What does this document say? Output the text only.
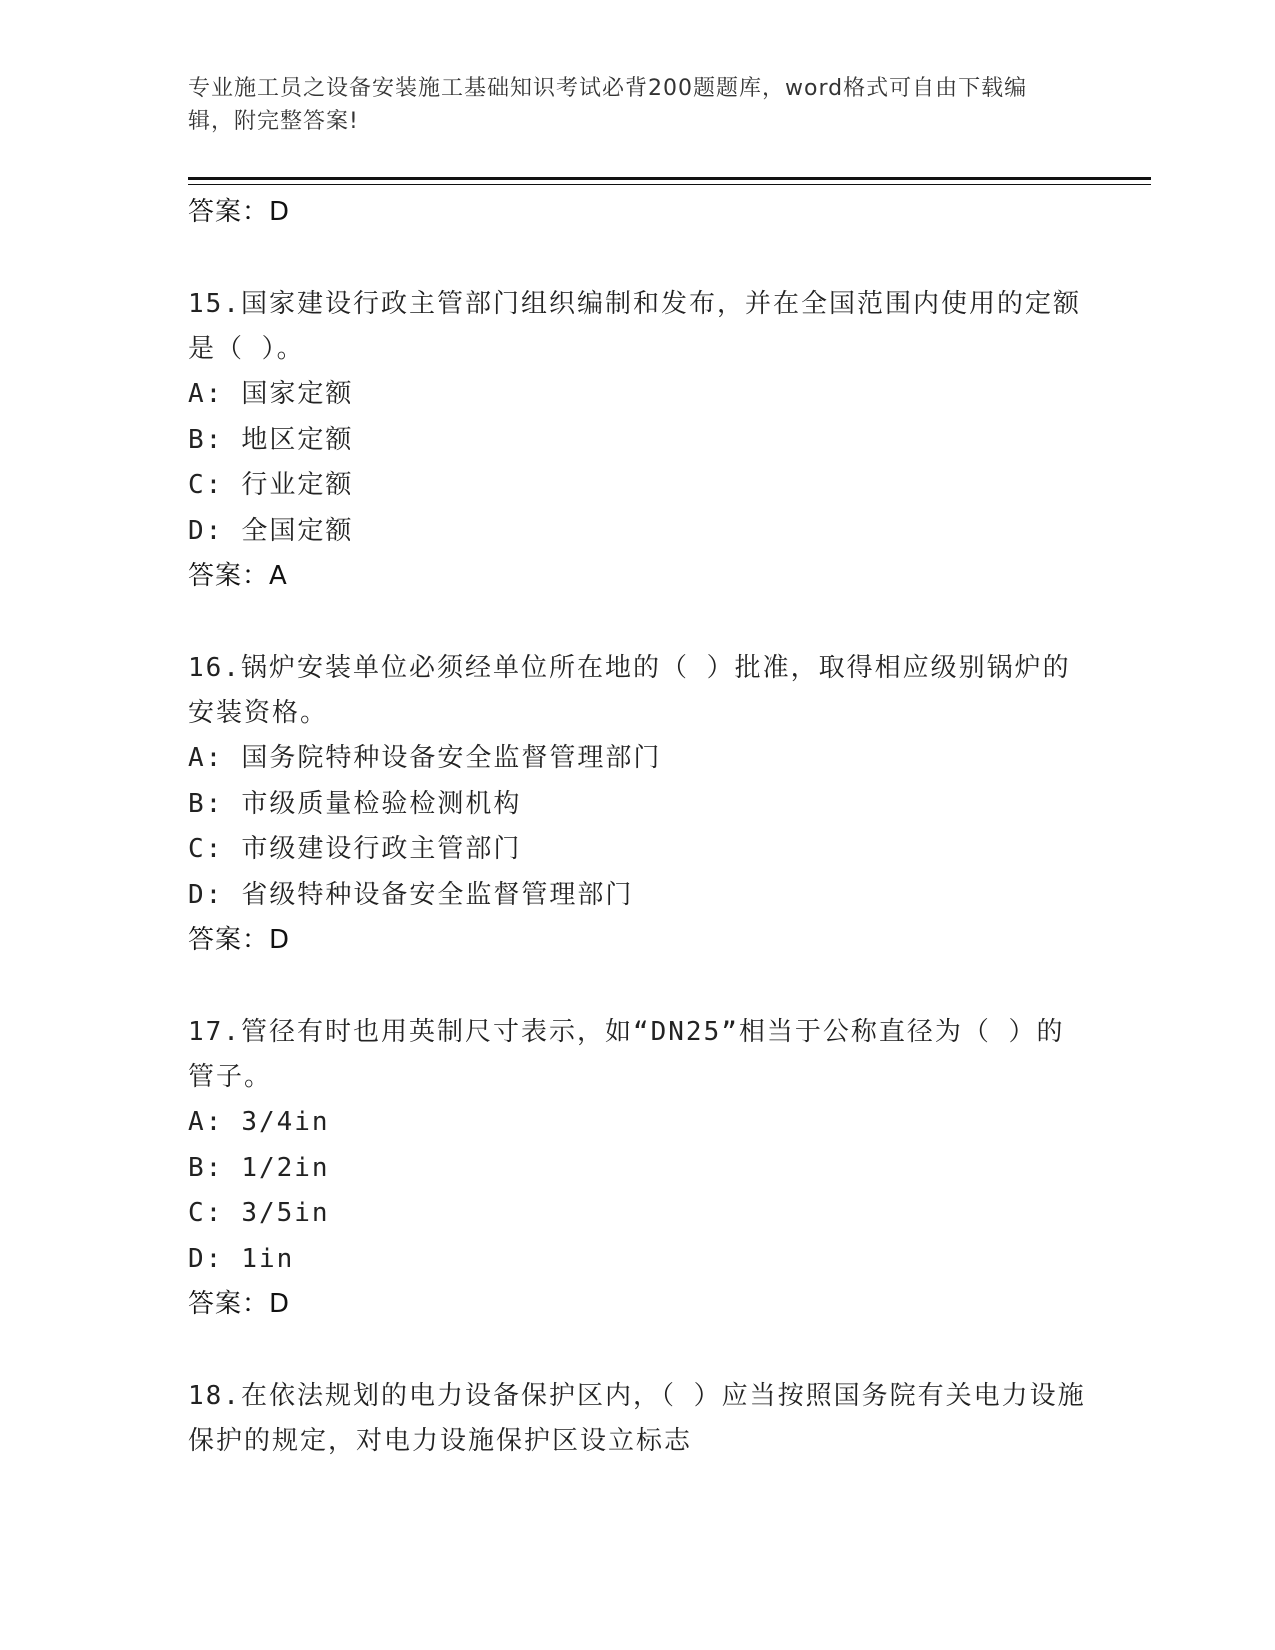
专业施工员之设备安装施工基础知识考试必背200题题库，word格式可自由下载编辑，附完整答案!

答案：D

15.国家建设行政主管部门组织编制和发布，并在全国范围内使用的定额是（ ）。

A: 国家定额

B: 地区定额

C: 行业定额

D: 全国定额

答案：A

16.锅炉安装单位必须经单位所在地的（ ）批准，取得相应级别锅炉的安装资格。

A: 国务院特种设备安全监督管理部门

B: 市级质量检验检测机构

C: 市级建设行政主管部门

D: 省级特种设备安全监督管理部门

答案：D

17.管径有时也用英制尺寸表示，如“DN25”相当于公称直径为（ ）的管子。

A: 3/4in

B: 1/2in

C: 3/5in

D: 1in

答案：D

18.在依法规划的电力设备保护区内，（ ）应当按照国务院有关电力设施保护的规定，对电力设施保护区设立标志
